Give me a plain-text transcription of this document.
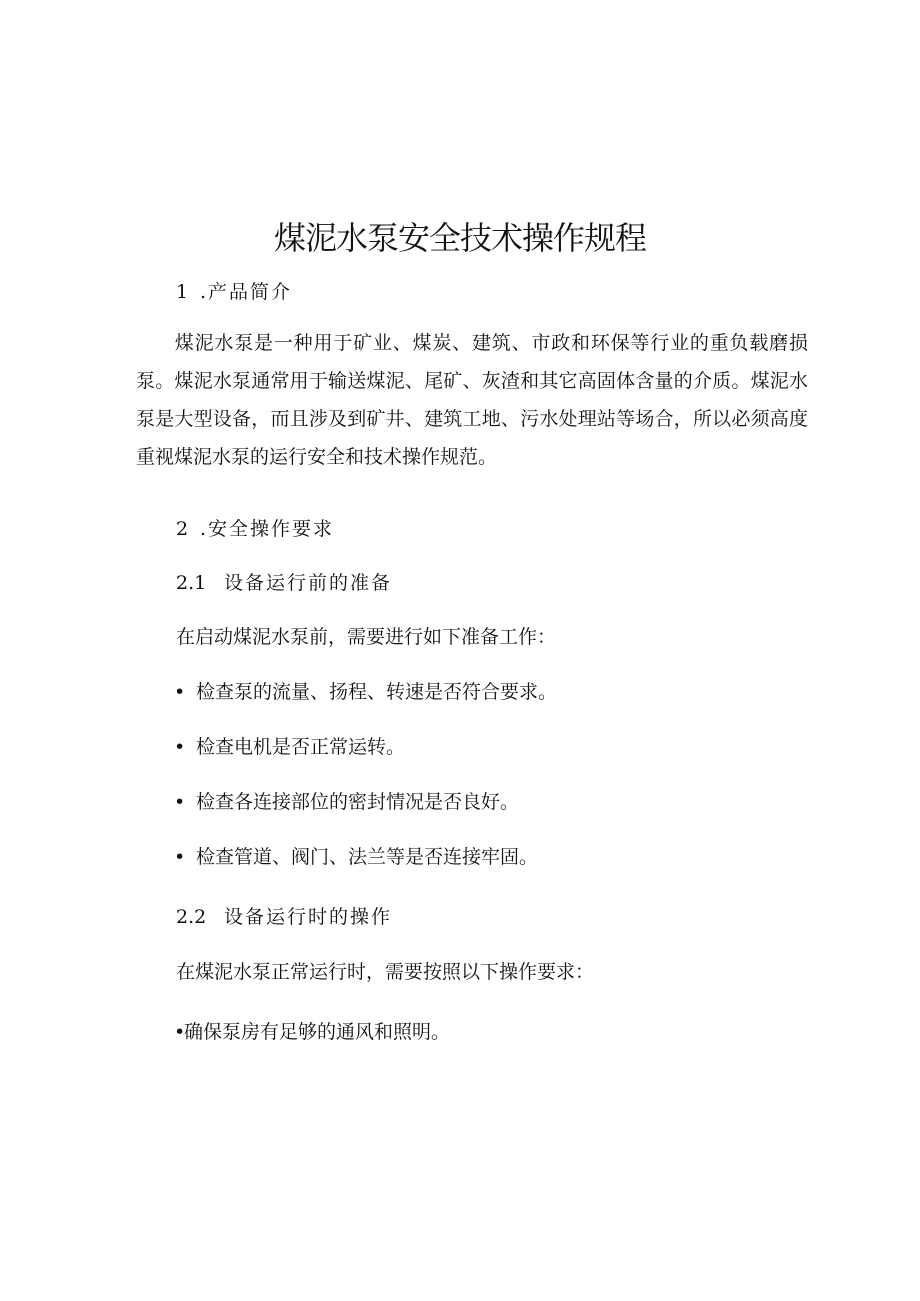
煤泥水泵安全技术操作规程
1 .产品简介
煤泥水泵是一种用于矿业、煤炭、建筑、市政和环保等行业的重负载磨损泵。煤泥水泵通常用于输送煤泥、尾矿、灰渣和其它高固体含量的介质。煤泥水泵是大型设备，而且涉及到矿井、建筑工地、污水处理站等场合，所以必须高度重视煤泥水泵的运行安全和技术操作规范。
2 .安全操作要求
2.1 设备运行前的准备
在启动煤泥水泵前，需要进行如下准备工作：
• 检查泵的流量、扬程、转速是否符合要求。
• 检查电机是否正常运转。
• 检查各连接部位的密封情况是否良好。
• 检查管道、阀门、法兰等是否连接牢固。
2.2 设备运行时的操作
在煤泥水泵正常运行时，需要按照以下操作要求：
•确保泵房有足够的通风和照明。
